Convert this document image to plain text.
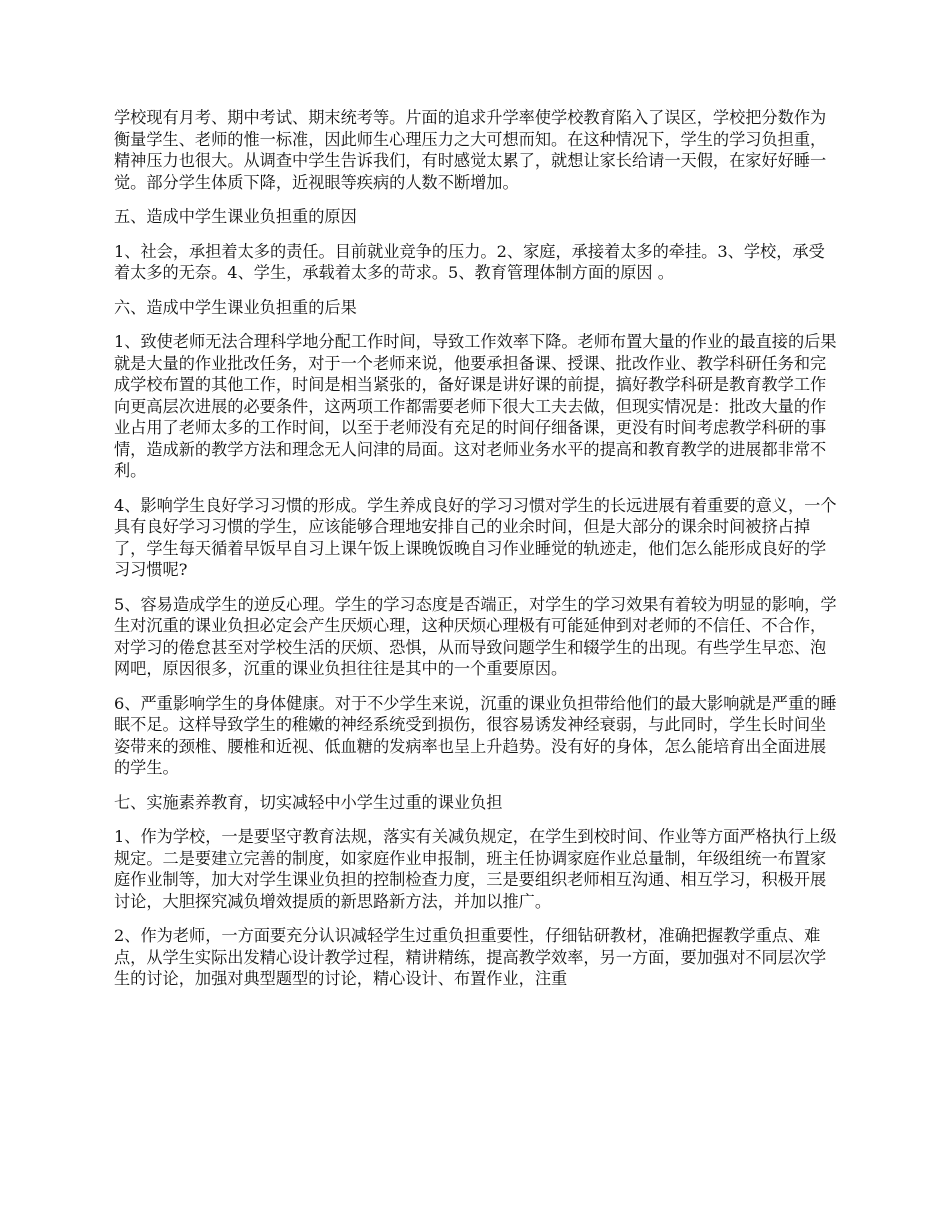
学校现有月考、期中考试、期末统考等。片面的追求升学率使学校教育陷入了误区，学校把分数作为衡量学生、老师的惟一标准，因此师生心理压力之大可想而知。在这种情况下，学生的学习负担重，精神压力也很大。从调查中学生告诉我们，有时感觉太累了，就想让家长给请一天假，在家好好睡一觉。部分学生体质下降，近视眼等疾病的人数不断增加。

五、造成中学生课业负担重的原因

1、社会，承担着太多的责任。目前就业竞争的压力。2、家庭，承接着太多的牵挂。3、学校，承受着太多的无奈。4、学生，承载着太多的苛求。5、教育管理体制方面的原因 。

六、造成中学生课业负担重的后果

1、致使老师无法合理科学地分配工作时间，导致工作效率下降。老师布置大量的作业的最直接的后果就是大量的作业批改任务，对于一个老师来说，他要承担备课、授课、批改作业、教学科研任务和完成学校布置的其他工作，时间是相当紧张的，备好课是讲好课的前提，搞好教学科研是教育教学工作向更高层次进展的必要条件，这两项工作都需要老师下很大工夫去做，但现实情况是：批改大量的作业占用了老师太多的工作时间，以至于老师没有充足的时间仔细备课，更没有时间考虑教学科研的事情，造成新的教学方法和理念无人问津的局面。这对老师业务水平的提高和教育教学的进展都非常不利。

4、影响学生良好学习习惯的形成。学生养成良好的学习习惯对学生的长远进展有着重要的意义，一个具有良好学习习惯的学生，应该能够合理地安排自己的业余时间，但是大部分的课余时间被挤占掉了，学生每天循着早饭早自习上课午饭上课晚饭晚自习作业睡觉的轨迹走，他们怎么能形成良好的学习习惯呢?

5、容易造成学生的逆反心理。学生的学习态度是否端正，对学生的学习效果有着较为明显的影响，学生对沉重的课业负担必定会产生厌烦心理，这种厌烦心理极有可能延伸到对老师的不信任、不合作，对学习的倦怠甚至对学校生活的厌烦、恐惧，从而导致问题学生和辍学生的出现。有些学生早恋、泡网吧，原因很多，沉重的课业负担往往是其中的一个重要原因。

6、严重影响学生的身体健康。对于不少学生来说，沉重的课业负担带给他们的最大影响就是严重的睡眠不足。这样导致学生的稚嫩的神经系统受到损伤，很容易诱发神经衰弱，与此同时，学生长时间坐姿带来的颈椎、腰椎和近视、低血糖的发病率也呈上升趋势。没有好的身体，怎么能培育出全面进展的学生。

七、实施素养教育，切实减轻中小学生过重的课业负担

1、作为学校，一是要坚守教育法规，落实有关减负规定，在学生到校时间、作业等方面严格执行上级规定。二是要建立完善的制度，如家庭作业申报制，班主任协调家庭作业总量制，年级组统一布置家庭作业制等，加大对学生课业负担的控制检查力度，三是要组织老师相互沟通、相互学习，积极开展讨论，大胆探究减负增效提质的新思路新方法，并加以推广。

2、作为老师，一方面要充分认识减轻学生过重负担重要性，仔细钻研教材，准确把握教学重点、难点，从学生实际出发精心设计教学过程，精讲精练，提高教学效率，另一方面，要加强对不同层次学生的讨论，加强对典型题型的讨论，精心设计、布置作业，注重
